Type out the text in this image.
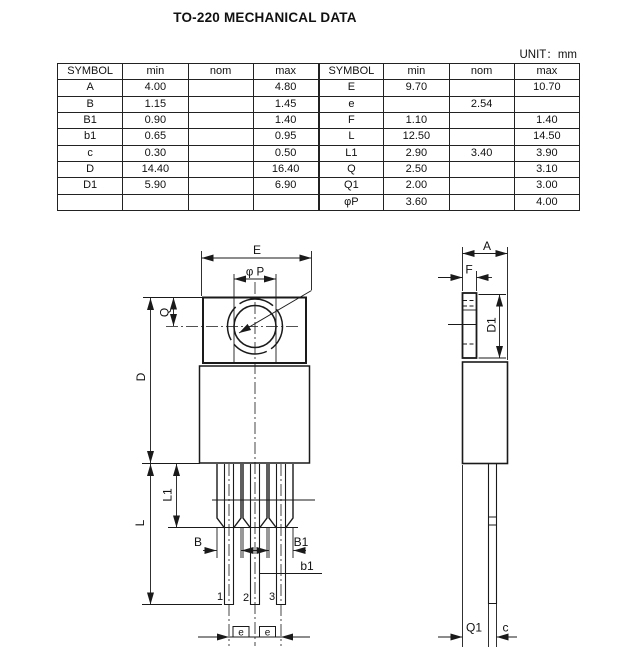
TO-220 MECHANICAL DATA
UNIT：mm
SYMBOL	min	nom	max	SYMBOL	min	nom	max
A	4.00		4.80	E	9.70		10.70
B	1.15		1.45	e		2.54	
B1	0.90		1.40	F	1.10		1.40
b1	0.65		0.95	L	12.50		14.50
c	0.30		0.50	L1	2.90	3.40	3.90
D	14.40		16.40	Q	2.50		3.10
D1	5.90		6.90	Q1	2.00		3.00
				φP	3.60		4.00
E
φ P
Q
D
L
L1
B	B1
b1
1 2 3
e e
A
F
D1
Q1 c
